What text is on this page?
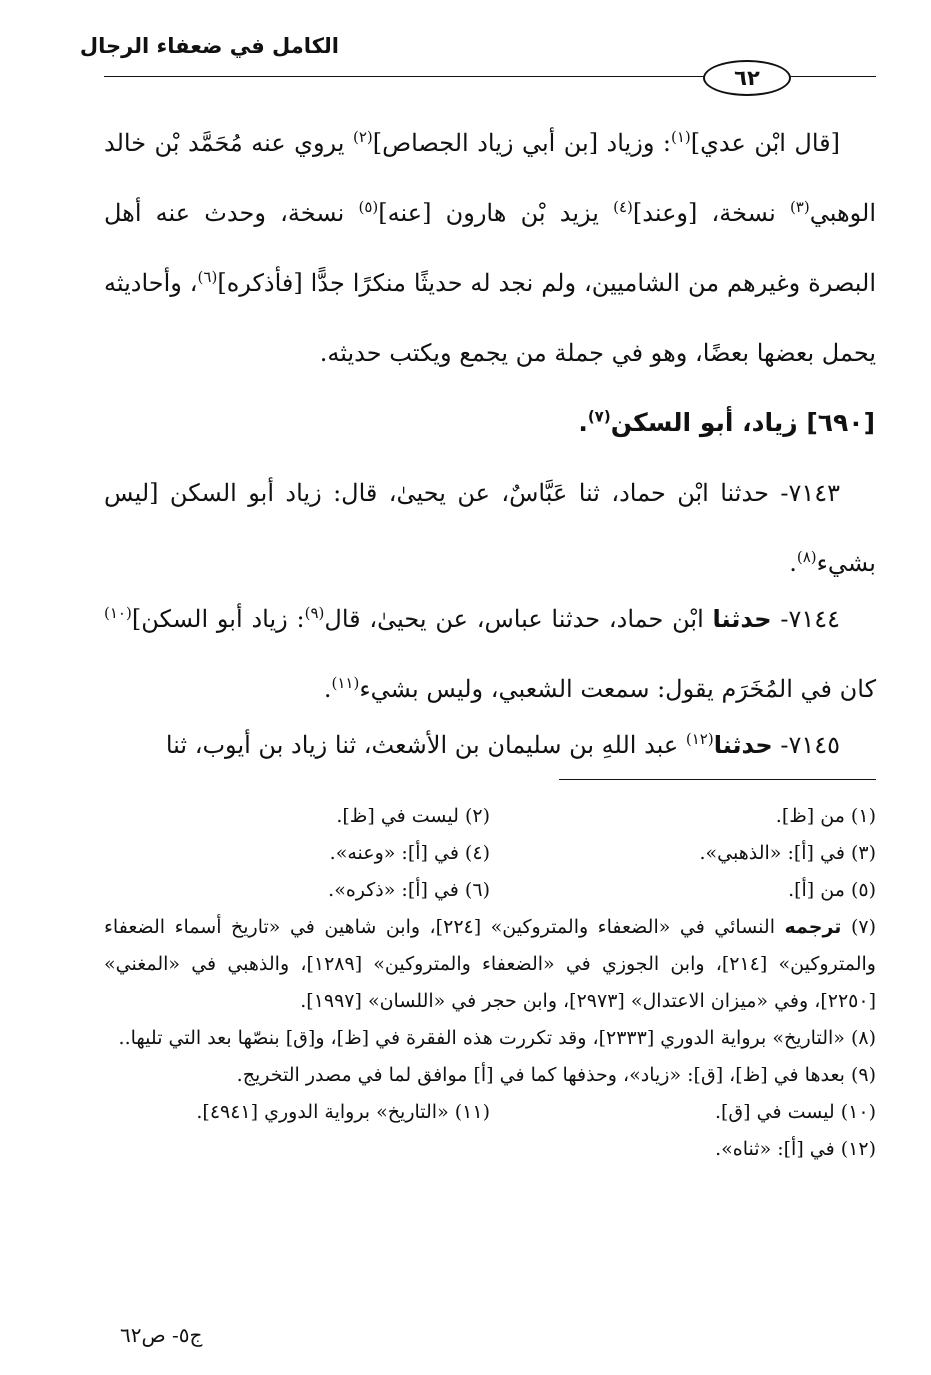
الكامل في ضعفاء الرجال
٦٢

[قال ابْن عدي]$^{(١)}$: وزياد [بن أبي زياد الجصاص]$^{(٢)}$ يروي عنه مُحَمَّد بْن خالد الوهبي$^{(٣)}$ نسخة، [وعند]$^{(٤)}$ يزيد بْن هارون [عنه]$^{(٥)}$ نسخة، وحدث عنه أهل البصرة وغيرهم من الشاميين، ولم نجد له حديثًا منكرًا جدًّا [فأذكره]$^{(٦)}$، وأحاديثه يحمل بعضها بعضًا، وهو في جملة من يجمع ويكتب حديثه.

[٦٩٠] زياد، أبو السكن$^{(٧)}$.

٧١٤٣- حدثنا ابْن حماد، ثنا عَبَّاسٌ، عن يحيىٰ، قال: زياد أبو السكن [ليس بشيء$^{(٨)}$.

٧١٤٤- حدثنا ابْن حماد، حدثنا عباس، عن يحيىٰ، قال$^{(٩)}$: زياد أبو السكن]$^{(١٠)}$ كان في المُخَرَم يقول: سمعت الشعبي، وليس بشيء$^{(١١)}$.

٧١٤٥- حدثنا$^{(١٢)}$ عبد اللهِ بن سليمان بن الأشعث، ثنا زياد بن أيوب، ثنا

(١) من [ظ].
(٢) ليست في [ظ].
(٣) في [أ]: «الذهبي».
(٤) في [أ]: «وعنه».
(٥) من [أ].
(٦) في [أ]: «ذكره».
(٧) ترجمه النسائي في «الضعفاء والمتروكين» [٢٢٤]، وابن شاهين في «تاريخ أسماء الضعفاء والمتروكين» [٢١٤]، وابن الجوزي في «الضعفاء والمتروكين» [١٢٨٩]، والذهبي في «المغني» [٢٢٥٠]، وفي «ميزان الاعتدال» [٢٩٧٣]، وابن حجر في «اللسان» [١٩٩٧].
(٨) «التاريخ» برواية الدوري [٢٣٣٣]، وقد تكررت هذه الفقرة في [ظ]، و[ق] بنصّها بعد التي تليها..
(٩) بعدها في [ظ]، [ق]: «زياد»، وحذفها كما في [أ] موافق لما في مصدر التخريج.
(١٠) ليست في [ق].
(١١) «التاريخ» برواية الدوري [٤٩٤١].
(١٢) في [أ]: «ثناه».
ج٥- ص٦٢
